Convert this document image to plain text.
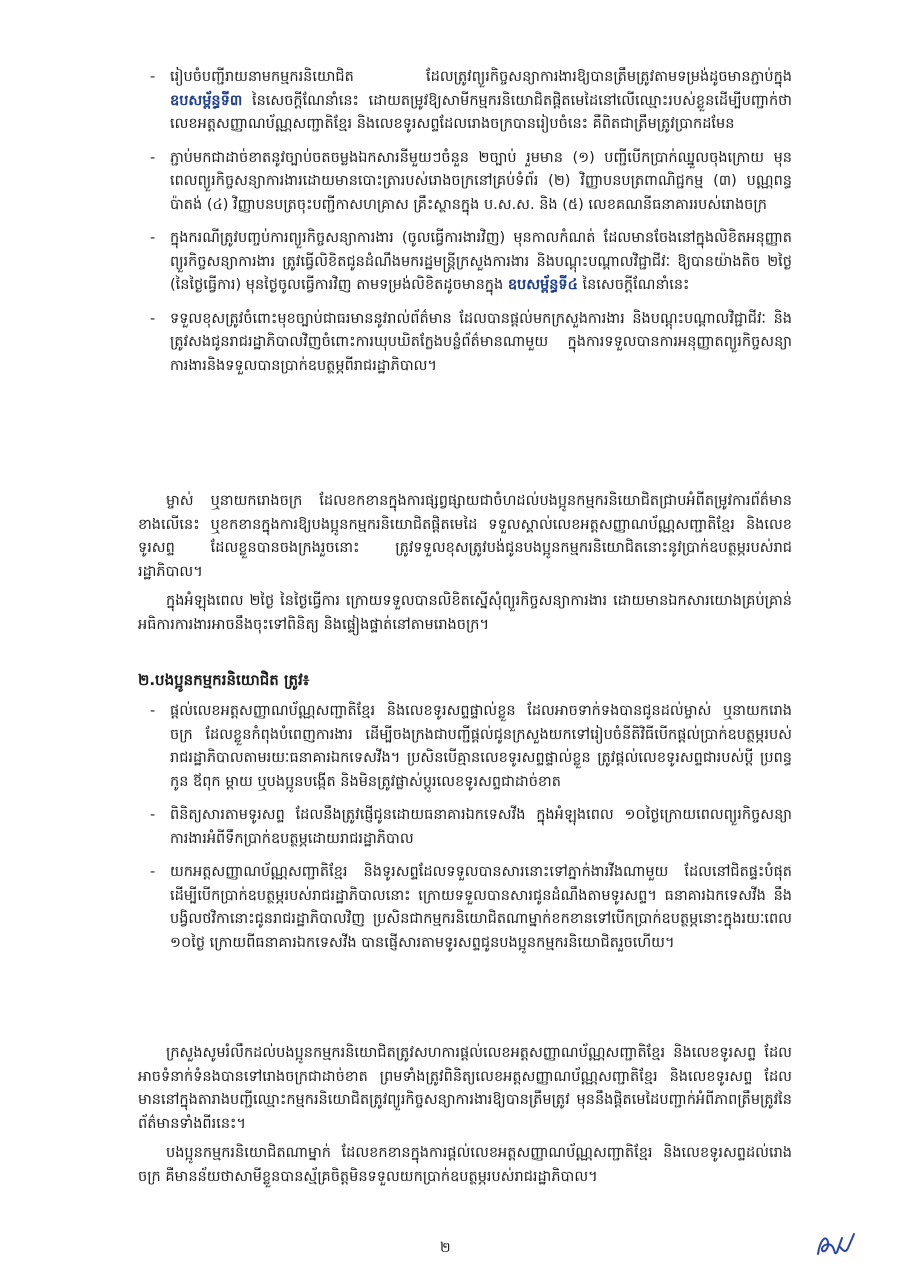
- រៀបចំបញ្ជីរាយនាមកម្មករនិយោជិត ដែលត្រូវព្យួរកិច្ចសន្យាការងារឱ្យបានត្រឹមត្រូវតាមទម្រង់ដូចមានភ្ជាប់ក្នុងឧបសម្ព័ន្ធទី៣ នៃសេចក្តីណែនាំនេះ ដោយតម្រូវឱ្យសាមីកម្មករនិយោជិតផ្តិតមេដៃនៅលើឈ្មោះរបស់ខ្លួនដើម្បីបញ្ជាក់ថា លេខអត្តសញ្ញាណប័ណ្ណសញ្ជាតិខ្មែរ និងលេខទូរសព្ទដែលរោងចក្របានរៀបចំនេះ គឺពិតជាត្រឹមត្រូវប្រាកដមែន

- ភ្ជាប់មកជាដាច់ខាតនូវច្បាប់ចតចម្លងឯកសារនីមួយៗចំនួន ២ច្បាប់ រួមមាន (១) បញ្ជីបើកប្រាក់ឈ្នួលចុងក្រោយ មុនពេលព្យួរកិច្ចសន្យាការងារដោយមានបោះត្រារបស់រោងចក្រនៅគ្រប់ទំព័រ (២) វិញ្ញាបនបត្រពាណិជ្ជកម្ម (៣) បណ្ណពន្ធប៉ាតង់ (៤) វិញ្ញាបនបត្រចុះបញ្ជីកាសហគ្រាស គ្រឹះស្ថានក្នុង ប.ស.ស. និង (៥) លេខគណនីធនាគាររបស់រោងចក្រ

- ក្នុងករណីត្រូវបញ្ចប់ការព្យួរកិច្ចសន្យាការងារ (ចូលធ្វើការងារវិញ) មុនកាលកំណត់ ដែលមានចែងនៅក្នុងលិខិតអនុញ្ញាតព្យួរកិច្ចសន្យាការងារ ត្រូវធ្វើលិខិតជូនដំណឹងមករដ្ឋមន្ត្រីក្រសួងការងារ និងបណ្តុះបណ្តាលវិជ្ជាជីវៈ ឱ្យបានយ៉ាងតិច ២ថ្ងៃ (នៃថ្ងៃធ្វើការ) មុនថ្ងៃចូលធ្វើការវិញ តាមទម្រង់លិខិតដូចមានក្នុង ឧបសម្ព័ន្ធទី៤ នៃសេចក្តីណែនាំនេះ

- ទទួលខុសត្រូវចំពោះមុខច្បាប់ជាធរមាននូវរាល់ព័ត៌មាន ដែលបានផ្តល់មកក្រសួងការងារ និងបណ្តុះបណ្តាលវិជ្ជាជីវៈ និងត្រូវសងជូនរាជរដ្ឋាភិបាលវិញចំពោះការឃុបឃិតក្លែងបន្លំព័ត៌មានណាមួយ ក្នុងការទទួលបានការអនុញ្ញាតព្យួរកិច្ចសន្យាការងារនិងទទួលបានប្រាក់ឧបត្ថម្ភពីរាជរដ្ឋាភិបាល។

ម្ចាស់ ឬនាយករោងចក្រ ដែលខកខានក្នុងការផ្សព្វផ្សាយជាចំហដល់បងប្អូនកម្មករនិយោជិតជ្រាបអំពីតម្រូវការព័ត៌មានខាងលើនេះ ឬខកខានក្នុងការឱ្យបងប្អូនកម្មករនិយោជិតផ្តិតមេដៃ ទទួលស្គាល់លេខអត្តសញ្ញាណប័ណ្ណសញ្ជាតិខ្មែរ និងលេខទូរសព្ទ ដែលខ្លួនបានចងក្រងរួចនោះ ត្រូវទទួលខុសត្រូវបង់ជូនបងប្អូនកម្មករនិយោជិតនោះនូវប្រាក់ឧបត្ថម្ភរបស់រាជរដ្ឋាភិបាល។

ក្នុងអំឡុងពេល ២ថ្ងៃ នៃថ្ងៃធ្វើការ ក្រោយទទួលបានលិខិតស្នើសុំព្យួរកិច្ចសន្យាការងារ ដោយមានឯកសារយោងគ្រប់គ្រាន់ អធិការការងារអាចនឹងចុះទៅពិនិត្យ និងផ្ទៀងផ្ទាត់នៅតាមរោងចក្រ។

២.បងប្អូនកម្មករនិយោជិត ត្រូវ៖

- ផ្តល់លេខអត្តសញ្ញាណប័ណ្ណសញ្ជាតិខ្មែរ និងលេខទូរសព្ទផ្ទាល់ខ្លួន ដែលអាចទាក់ទងបានជូនដល់ម្ចាស់ ឬនាយករោងចក្រ ដែលខ្លួនកំពុងបំពេញការងារ ដើម្បីចងក្រងជាបញ្ជីផ្តល់ជូនក្រសួងយកទៅរៀបចំនីតិវិធីបើកផ្តល់ប្រាក់ឧបត្ថម្ភរបស់រាជរដ្ឋាភិបាលតាមរយៈធនាគារឯកទេសវីង។ ប្រសិនបើគ្មានលេខទូរសព្ទផ្ទាល់ខ្លួន ត្រូវផ្តល់លេខទូរសព្ទជារបស់ប្តី ប្រពន្ធ កូន ឪពុក ម្តាយ ឬបងប្អូនបង្កើត និងមិនត្រូវផ្លាស់ប្តូរលេខទូរសព្ទជាដាច់ខាត

- ពិនិត្យសារតាមទូរសព្ទ ដែលនឹងត្រូវផ្ញើជូនដោយធនាគារឯកទេសវីង ក្នុងអំឡុងពេល ១០ថ្ងៃក្រោយពេលព្យួរកិច្ចសន្យាការងារអំពីទឹកប្រាក់ឧបត្ថម្ភដោយរាជរដ្ឋាភិបាល

- យកអត្តសញ្ញាណប័ណ្ណសញ្ជាតិខ្មែរ និងទូរសព្ទដែលទទួលបានសារនោះទៅភ្នាក់ងារវីងណាមួយ ដែលនៅជិតផ្ទះបំផុត ដើម្បីបើកប្រាក់ឧបត្ថម្ភរបស់រាជរដ្ឋាភិបាលនោះ ក្រោយទទួលបានសារជូនដំណឹងតាមទូរសព្ទ។ ធនាគារឯកទេសវីង នឹងបង្វិលថវិកានោះជូនរាជរដ្ឋាភិបាលវិញ ប្រសិនជាកម្មករនិយោជិតណាម្នាក់ខកខានទៅបើកប្រាក់ឧបត្ថម្ភនោះក្នុងរយៈពេល ១០ថ្ងៃ ក្រោយពីធនាគារឯកទេសវីង បានផ្ញើសារតាមទូរសព្ទជូនបងប្អូនកម្មករនិយោជិតរួចហើយ។

ក្រសួងសូមរំលឹកដល់បងប្អូនកម្មករនិយោជិតត្រូវសហការផ្តល់លេខអត្តសញ្ញាណប័ណ្ណសញ្ជាតិខ្មែរ និងលេខទូរសព្ទ ដែលអាចទំនាក់ទំនងបានទៅរោងចក្រជាដាច់ខាត ព្រមទាំងត្រូវពិនិត្យលេខអត្តសញ្ញាណប័ណ្ណសញ្ជាតិខ្មែរ និងលេខទូរសព្ទ ដែលមាននៅក្នុងតារាងបញ្ជីឈ្មោះកម្មករនិយោជិតត្រូវព្យួរកិច្ចសន្យាការងារឱ្យបានត្រឹមត្រូវ មុននឹងផ្តិតមេដៃបញ្ជាក់អំពីភាពត្រឹមត្រូវនៃព័ត៌មានទាំងពីរនេះ។

បងប្អូនកម្មករនិយោជិតណាម្នាក់ ដែលខកខានក្នុងការផ្តល់លេខអត្តសញ្ញាណប័ណ្ណសញ្ជាតិខ្មែរ និងលេខទូរសព្ទដល់រោងចក្រ គឺមានន័យថាសាមីខ្លួនបានស្ម័គ្រចិត្តមិនទទួលយកប្រាក់ឧបត្ថម្ភរបស់រាជរដ្ឋាភិបាល។

២
